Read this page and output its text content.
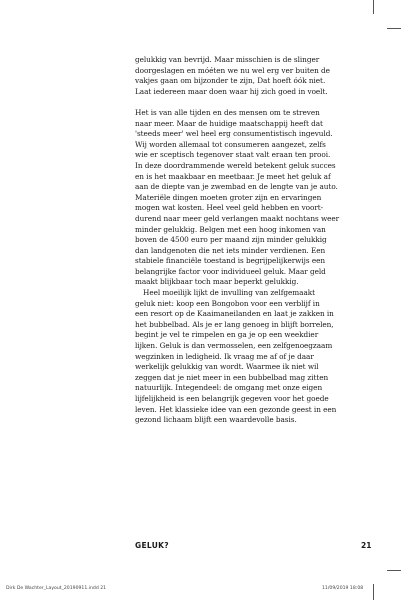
gelukkig van bevrijd. Maar misschien is de slinger
doorgeslagen en móéten we nu wel erg ver buiten de
vakjes gaan om bijzonder te zijn, Dat hoeft óók niet.
Laat iedereen maar doen waar hij zich goed in voelt.
Het is van alle tijden en des mensen om te streven
naar meer. Maar de huidige maatschappij heeft dat
'steeds meer' wel heel erg consumentistisch ingevuld.
Wij worden allemaal tot consumeren aangezet, zelfs
wie er sceptisch tegenover staat valt eraan ten prooi.
In deze doordrammende wereld betekent geluk succes
en is het maakbaar en meetbaar. Je meet het geluk af
aan de diepte van je zwembad en de lengte van je auto.
Materiële dingen moeten groter zijn en ervaringen
mogen wat kosten. Heel veel geld hebben en voort-
durend naar meer geld verlangen maakt nochtans weer
minder gelukkig. Belgen met een hoog inkomen van
boven de 4500 euro per maand zijn minder gelukkig
dan landgenoten die net iets minder verdienen. Een
stabiele financiële toestand is begrijpelijkerwijs een
belangrijke factor voor individueel geluk. Maar geld
maakt blijkbaar toch maar beperkt gelukkig.
Heel moeilijk lijkt de invulling van zelfgemaakt
geluk niet: koop een Bongobon voor een verblijf in
een resort op de Kaaimaneilanden en laat je zakken in
het bubbelbad. Als je er lang genoeg in blijft borrelen,
begint je vel te rimpelen en ga je op een weekdier
lijken. Geluk is dan vermosselen, een zelfgenoegzaam
wegzinken in ledigheid. Ik vraag me af of je daar
werkelijk gelukkig van wordt. Waarmee ik niet wil
zeggen dat je niet meer in een bubbelbad mag zitten
natuurlijk. Integendeel: de omgang met onze eigen
lijfelijkheid is een belangrijk gegeven voor het goede
leven. Het klassieke idee van een gezonde geest in een
gezond lichaam blijft een waardevolle basis.
GELUK?	21
Dirk De Wachter_Layout_20190911.indd 21	11/09/2019 18:08
